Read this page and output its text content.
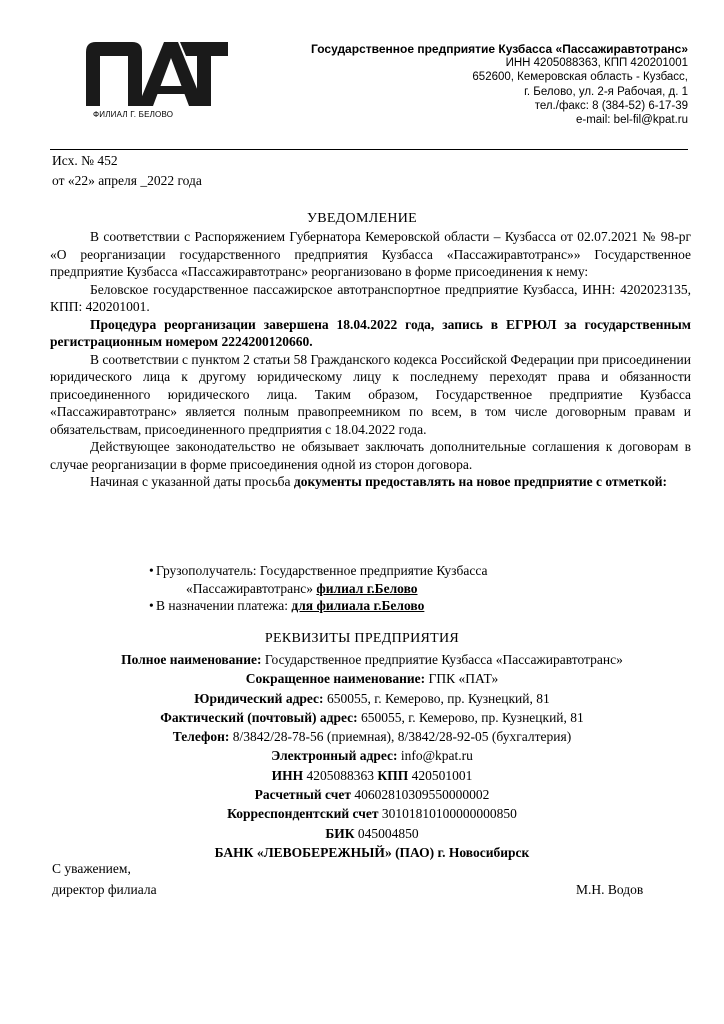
ФИЛИАЛ Г. БЕЛОВО
Государственное предприятие Кузбасса «Пассажиравтотранс»
ИНН 4205088363, КПП 420201001
652600, Кемеровская область - Кузбасс,
г. Белово, ул. 2-я Рабочая, д. 1
тел./факс: 8 (384-52) 6-17-39
e-mail: bel-fil@kpat.ru
Исх. № 452
от «22» апреля _2022 года
УВЕДОМЛЕНИЕ

В соответствии с Распоряжением Губернатора Кемеровской области – Кузбасса от 02.07.2021 № 98-рг «О реорганизации государственного предприятия Кузбасса «Пассажиравтотранс»» Государственное предприятие Кузбасса «Пассажиравтотранс» реорганизовано в форме присоединения к нему:

Беловское государственное пассажирское автотранспортное предприятие Кузбасса, ИНН: 4202023135, КПП: 420201001.

Процедура реорганизации завершена 18.04.2022 года, запись в ЕГРЮЛ за государственным регистрационным номером 2224200120660.

В соответствии с пунктом 2 статьи 58 Гражданского кодекса Российской Федерации при присоединении юридического лица к другому юридическому лицу к последнему переходят права и обязанности присоединенного юридического лица. Таким образом, Государственное предприятие Кузбасса «Пассажиравтотранс» является полным правопреемником по всем, в том числе договорным правам и обязательствам, присоединенного предприятия с 18.04.2022 года.

Действующее законодательство не обязывает заключать дополнительные соглашения к договорам в случае реорганизации в форме присоединения одной из сторон договора.

Начиная с указанной даты просьба документы предоставлять на новое предприятие с отметкой:

• Грузополучатель: Государственное предприятие Кузбасса
«Пассажиравтотранс» филиал г.Белово
• В назначении платежа: для филиала г.Белово
РЕКВИЗИТЫ ПРЕДПРИЯТИЯ
Полное наименование: Государственное предприятие Кузбасса «Пассажиравтотранс»
Сокращенное наименование: ГПК «ПАТ»
Юридический адрес: 650055, г. Кемерово, пр. Кузнецкий, 81
Фактический (почтовый) адрес: 650055, г. Кемерово, пр. Кузнецкий, 81
Телефон: 8/3842/28-78-56 (приемная), 8/3842/28-92-05 (бухгалтерия)
Электронный адрес: info@kpat.ru
ИНН 4205088363 КПП 420501001
Расчетный счет 40602810309550000002
Корреспондентский счет 30101810100000000850
БИК 045004850
БАНК «ЛЕВОБЕРЕЖНЫЙ» (ПАО) г. Новосибирск
С уважением,
директор филиала	М.Н. Водов
